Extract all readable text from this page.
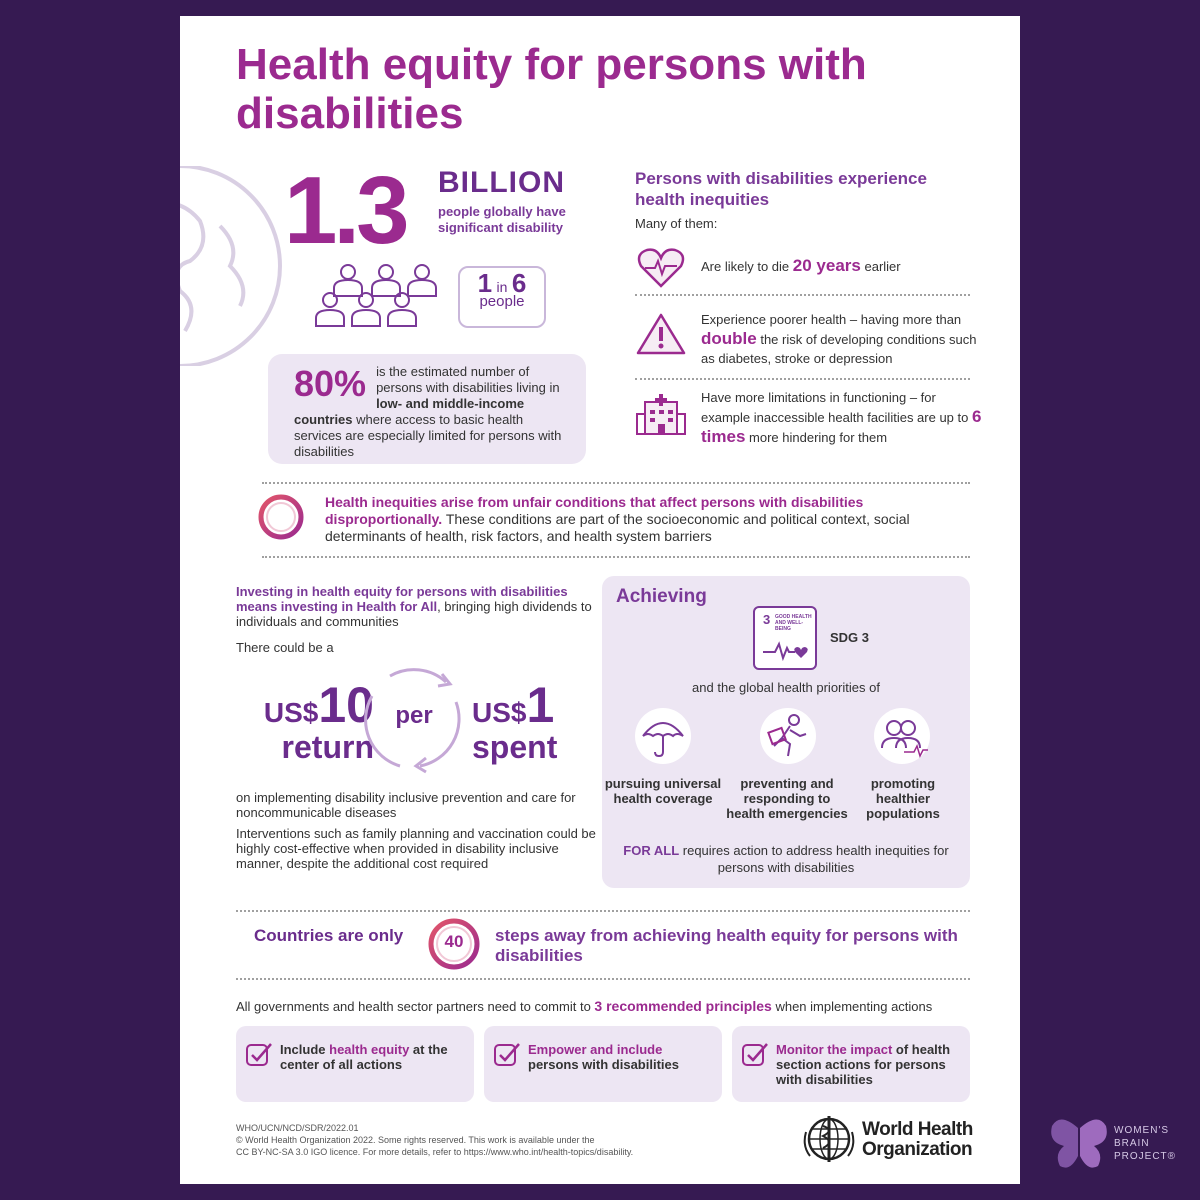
Health equity for persons with disabilities
1.3 BILLION
people globally have significant disability
1 in 6
people
80% is the estimated number of persons with disabilities living in low- and middle-income countries where access to basic health services are especially limited for persons with disabilities
Persons with disabilities experience health inequities
Many of them:
Are likely to die 20 years earlier
Experience poorer health – having more than double the risk of developing conditions such as diabetes, stroke or depression
Have more limitations in functioning – for example inaccessible health facilities are up to 6 times more hindering for them
Health inequities arise from unfair conditions that affect persons with disabilities disproportionally. These conditions are part of the socioeconomic and political context, social determinants of health, risk factors, and health system barriers
Investing in health equity for persons with disabilities means investing in Health for All, bringing high dividends to individuals and communities
There could be a
US$10
return
per	US$1
spent
on implementing disability inclusive prevention and care for noncommunicable diseases
Interventions such as family planning and vaccination could be highly cost-effective when provided in disability inclusive manner, despite the additional cost required
Achieving
3 GOOD HEALTH AND WELL-BEING
SDG 3
and the global health priorities of
pursuing universal health coverage
preventing and responding to health emergencies
promoting healthier populations
FOR ALL requires action to address health inequities for persons with disabilities
Countries are only	40	steps away from achieving health equity for persons with disabilities
All governments and health sector partners need to commit to 3 recommended principles when implementing actions
Include health equity at the center of all actions
Empower and include persons with disabilities
Monitor the impact of health section actions for persons with disabilities
WHO/UCN/NCD/SDR/2022.01
© World Health Organization 2022. Some rights reserved. This work is available under the
CC BY-NC-SA 3.0 IGO licence. For more details, refer to https://www.who.int/health-topics/disability.
World Health
Organization
WOMEN'S
BRAIN
PROJECT®
